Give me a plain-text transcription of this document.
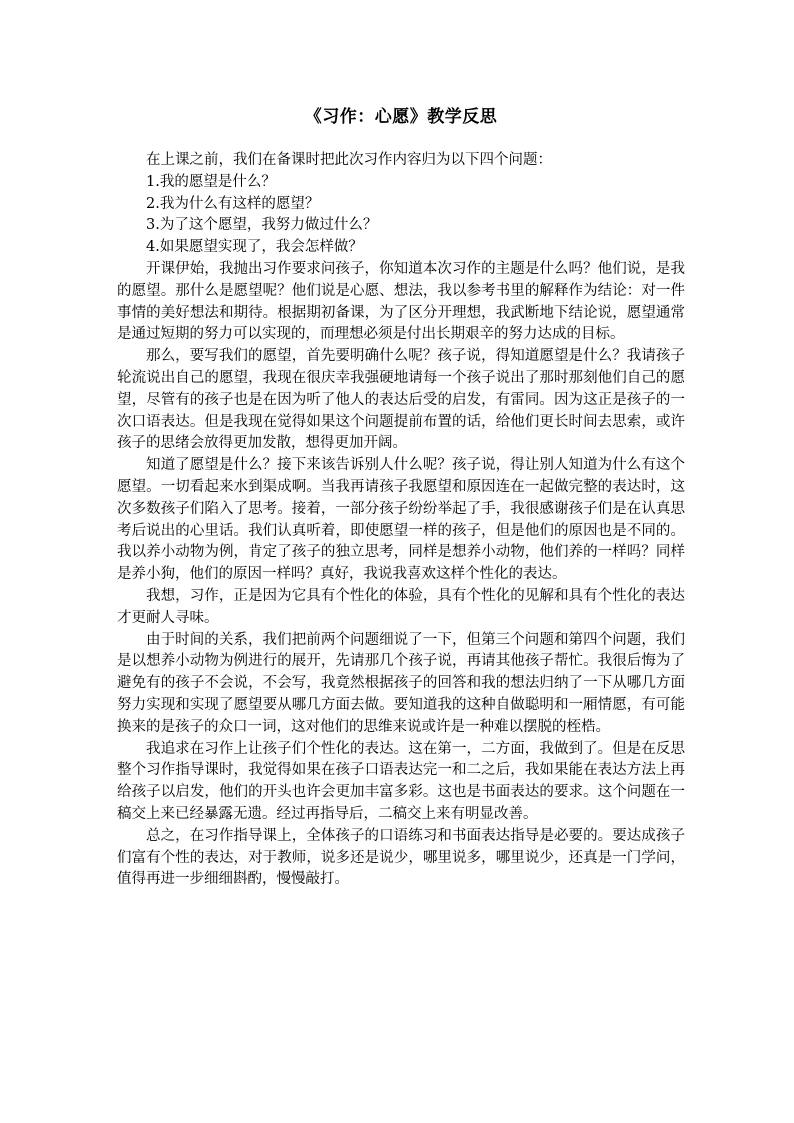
《习作：心愿》教学反思

在上课之前，我们在备课时把此次习作内容归为以下四个问题：

1.我的愿望是什么？

2.我为什么有这样的愿望？

3.为了这个愿望，我努力做过什么？

4.如果愿望实现了，我会怎样做？

开课伊始，我抛出习作要求问孩子，你知道本次习作的主题是什么吗？他们说，是我的愿望。那什么是愿望呢？他们说是心愿、想法，我以参考书里的解释作为结论：对一件事情的美好想法和期待。根据期初备课，为了区分开理想，我武断地下结论说，愿望通常是通过短期的努力可以实现的，而理想必须是付出长期艰辛的努力达成的目标。

那么，要写我们的愿望，首先要明确什么呢？孩子说，得知道愿望是什么？我请孩子轮流说出自己的愿望，我现在很庆幸我强硬地请每一个孩子说出了那时那刻他们自己的愿望，尽管有的孩子也是在因为听了他人的表达后受的启发，有雷同。因为这正是孩子的一次口语表达。但是我现在觉得如果这个问题提前布置的话，给他们更长时间去思索，或许孩子的思绪会放得更加发散，想得更加开阔。

知道了愿望是什么？接下来该告诉别人什么呢？孩子说，得让别人知道为什么有这个愿望。一切看起来水到渠成啊。当我再请孩子我愿望和原因连在一起做完整的表达时，这次多数孩子们陷入了思考。接着，一部分孩子纷纷举起了手，我很感谢孩子们是在认真思考后说出的心里话。我们认真听着，即使愿望一样的孩子，但是他们的原因也是不同的。我以养小动物为例，肯定了孩子的独立思考，同样是想养小动物，他们养的一样吗？同样是养小狗，他们的原因一样吗？真好，我说我喜欢这样个性化的表达。

我想，习作，正是因为它具有个性化的体验，具有个性化的见解和具有个性化的表达才更耐人寻味。

由于时间的关系，我们把前两个问题细说了一下，但第三个问题和第四个问题，我们是以想养小动物为例进行的展开，先请那几个孩子说，再请其他孩子帮忙。我很后悔为了避免有的孩子不会说，不会写，我竟然根据孩子的回答和我的想法归纳了一下从哪几方面努力实现和实现了愿望要从哪几方面去做。要知道我的这种自做聪明和一厢情愿，有可能换来的是孩子的众口一词，这对他们的思维来说或许是一种难以摆脱的桎梏。

我追求在习作上让孩子们个性化的表达。这在第一，二方面，我做到了。但是在反思整个习作指导课时，我觉得如果在孩子口语表达完一和二之后，我如果能在表达方法上再给孩子以启发，他们的开头也许会更加丰富多彩。这也是书面表达的要求。这个问题在一稿交上来已经暴露无遗。经过再指导后，二稿交上来有明显改善。

总之，在习作指导课上，全体孩子的口语练习和书面表达指导是必要的。要达成孩子们富有个性的表达，对于教师，说多还是说少，哪里说多，哪里说少，还真是一门学问，值得再进一步细细斟酌，慢慢敲打。
